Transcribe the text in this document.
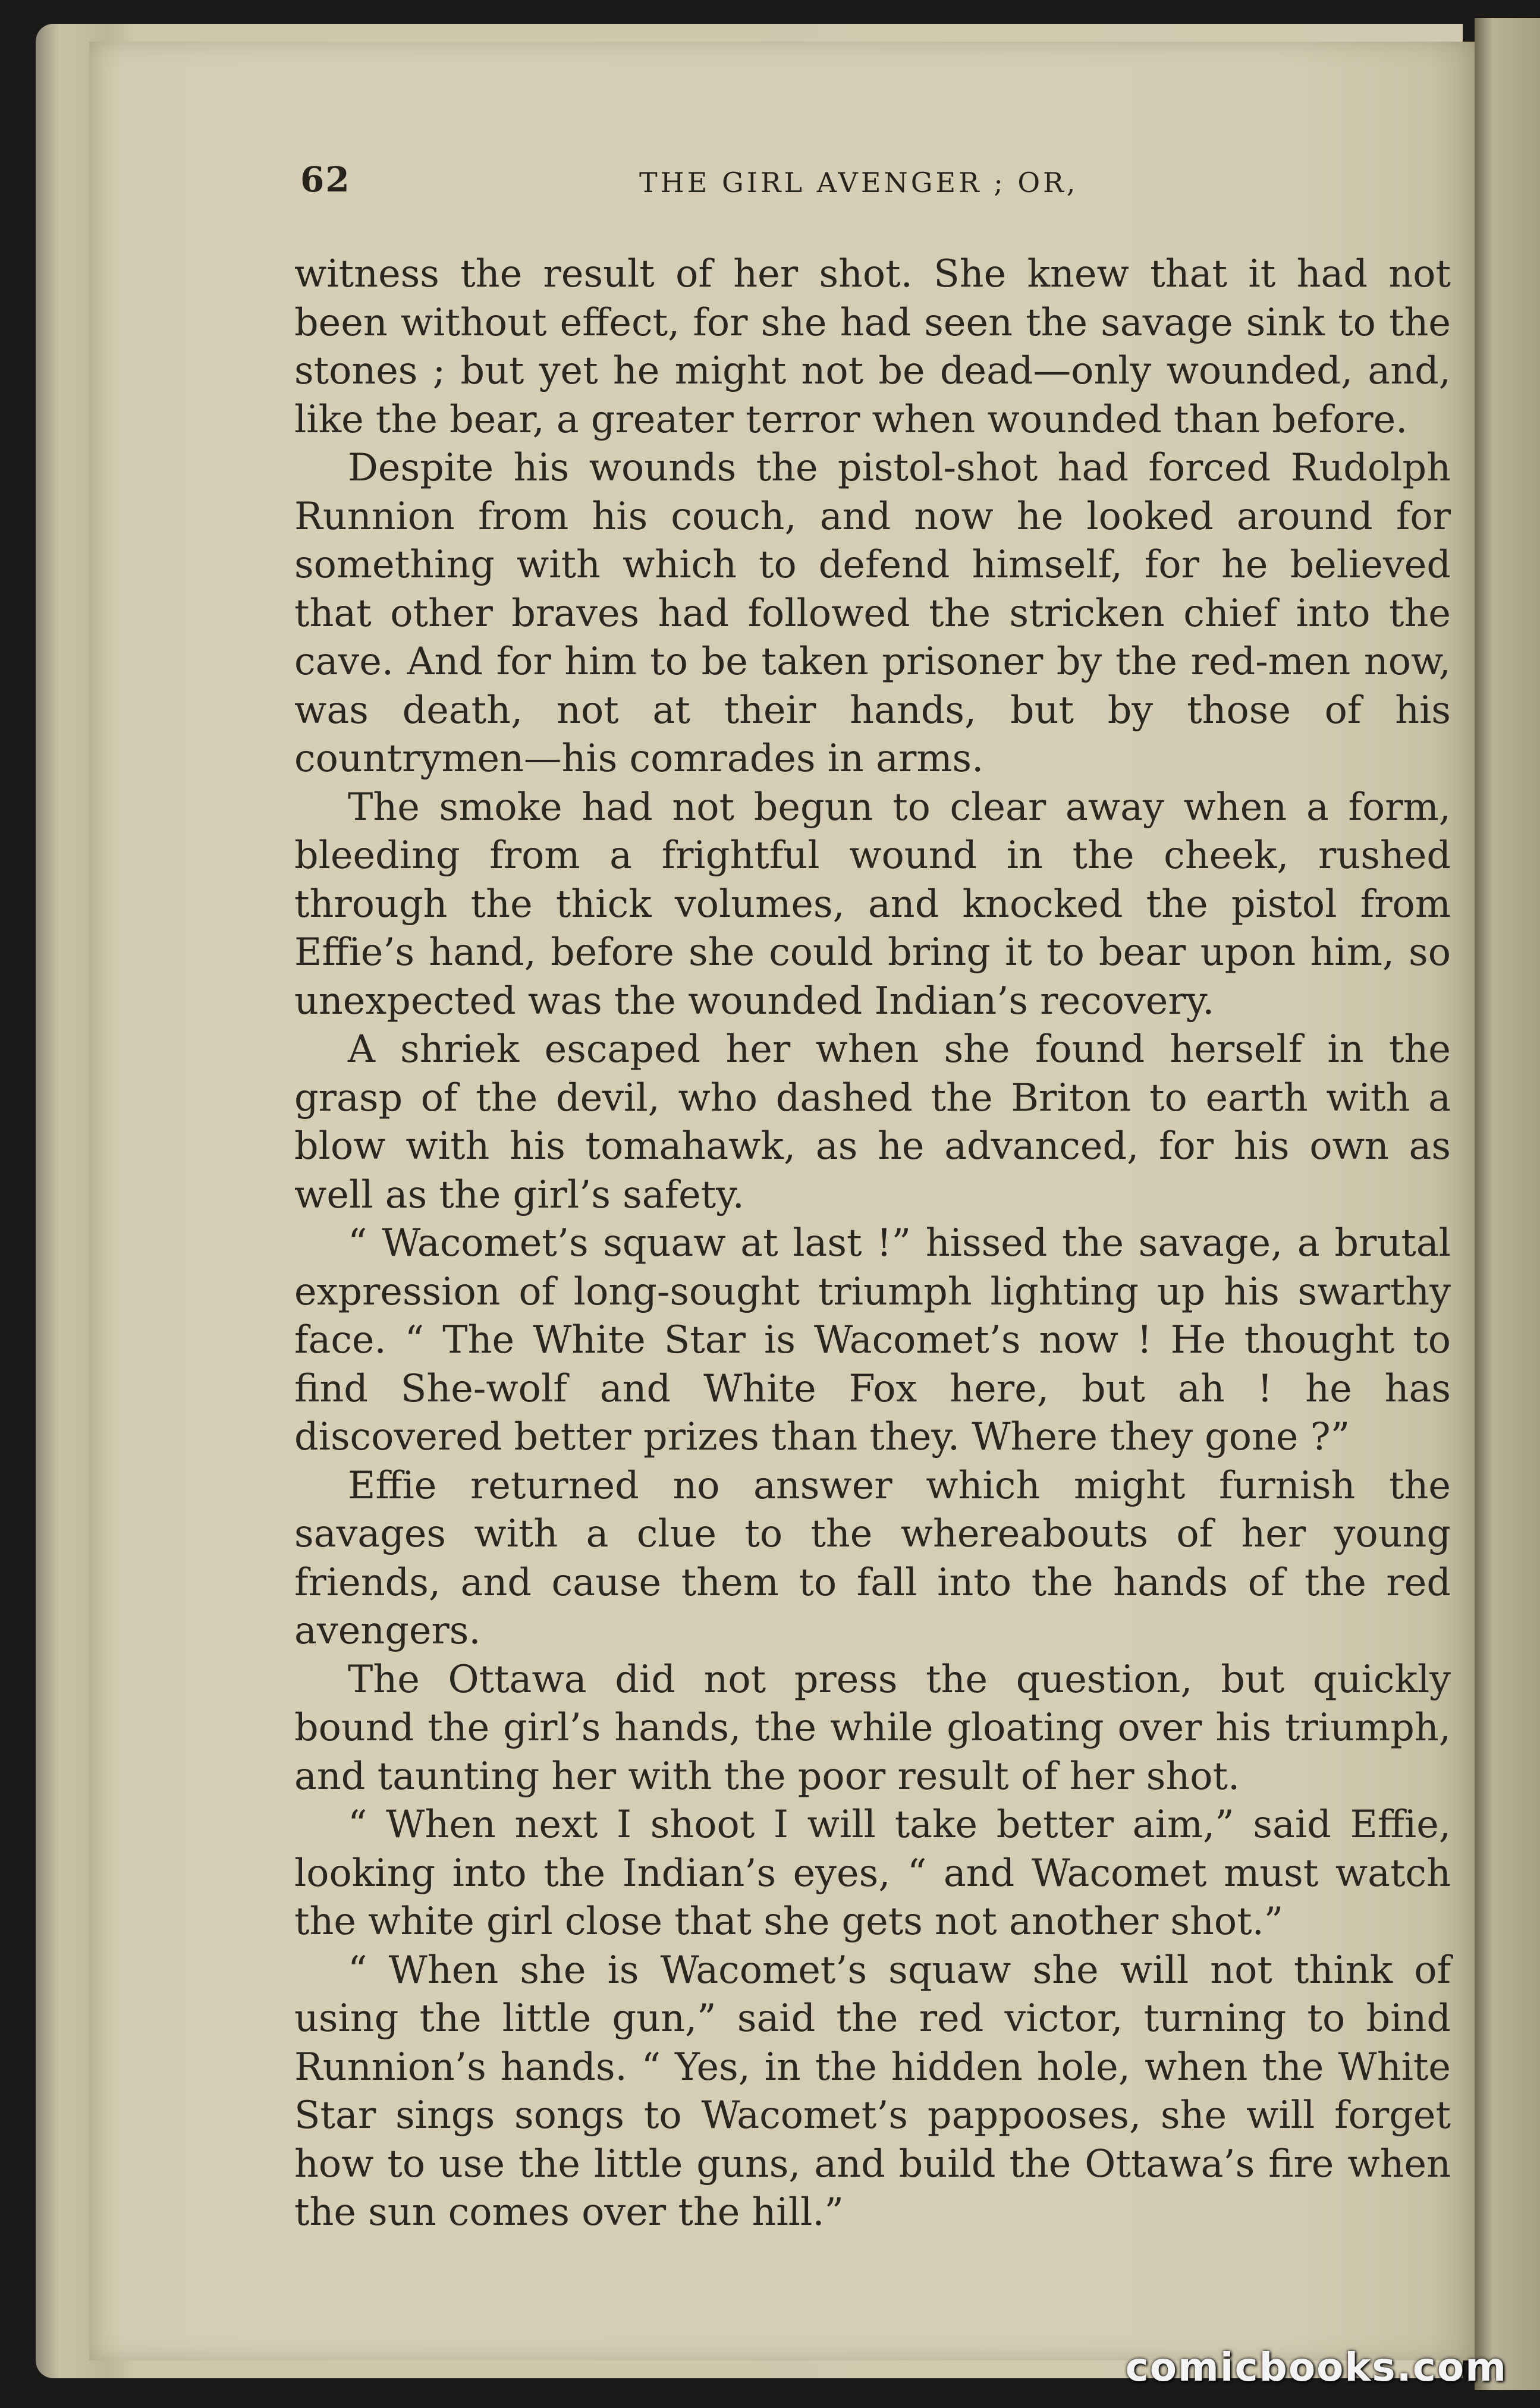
62	THE GIRL AVENGER ; OR,

witness the result of her shot. She knew that it had not been without effect, for she had seen the savage sink to the stones ; but yet he might not be dead—only wounded, and, like the bear, a greater terror when wounded than before.

Despite his wounds the pistol-shot had forced Rudolph Runnion from his couch, and now he looked around for something with which to defend himself, for he believed that other braves had followed the stricken chief into the cave. And for him to be taken prisoner by the red-men now, was death, not at their hands, but by those of his countrymen—his comrades in arms.

The smoke had not begun to clear away when a form, bleeding from a frightful wound in the cheek, rushed through the thick volumes, and knocked the pistol from Effie’s hand, before she could bring it to bear upon him, so unexpected was the wounded Indian’s recovery.

A shriek escaped her when she found herself in the grasp of the devil, who dashed the Briton to earth with a blow with his tomahawk, as he advanced, for his own as well as the girl’s safety.

“ Wacomet’s squaw at last !” hissed the savage, a brutal expression of long-sought triumph lighting up his swarthy face. “ The White Star is Wacomet’s now ! He thought to find She-wolf and White Fox here, but ah ! he has discovered better prizes than they. Where they gone ?”

Effie returned no answer which might furnish the savages with a clue to the whereabouts of her young friends, and cause them to fall into the hands of the red avengers.

The Ottawa did not press the question, but quickly bound the girl’s hands, the while gloating over his triumph, and taunting her with the poor result of her shot.

“ When next I shoot I will take better aim,” said Effie, looking into the Indian’s eyes, “ and Wacomet must watch the white girl close that she gets not another shot.”

“ When she is Wacomet’s squaw she will not think of using the little gun,” said the red victor, turning to bind Runnion’s hands. “ Yes, in the hidden hole, when the White Star sings songs to Wacomet’s pappooses, she will forget how to use the little guns, and build the Ottawa’s fire when the sun comes over the hill.”

comicbooks.com
